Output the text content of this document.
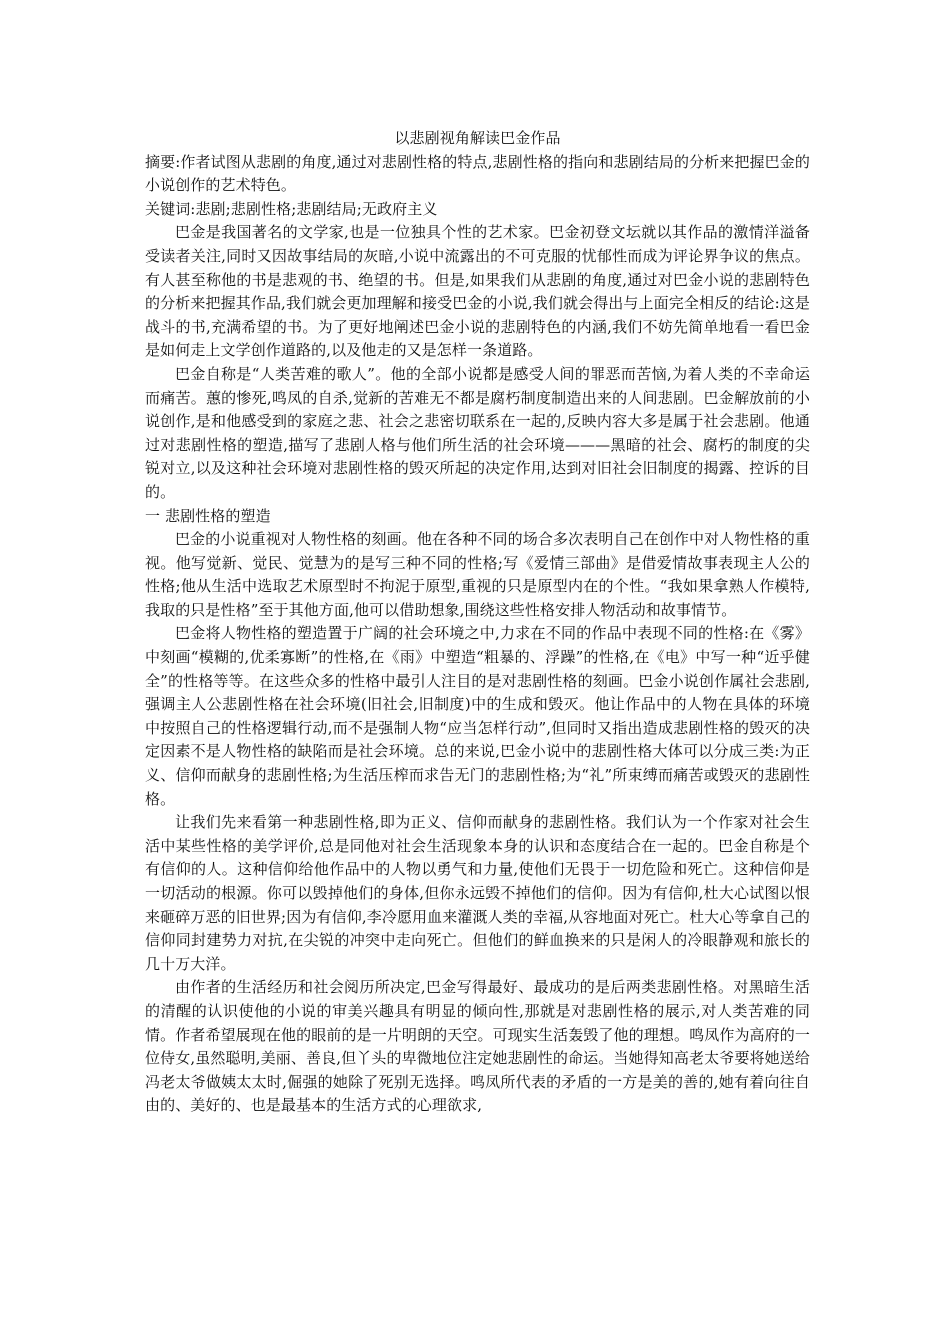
以悲剧视角解读巴金作品

摘要:作者试图从悲剧的角度,通过对悲剧性格的特点,悲剧性格的指向和悲剧结局的分析来把握巴金的小说创作的艺术特色。

关键词:悲剧;悲剧性格;悲剧结局;无政府主义

巴金是我国著名的文学家,也是一位独具个性的艺术家。巴金初登文坛就以其作品的激情洋溢备受读者关注,同时又因故事结局的灰暗,小说中流露出的不可克服的忧郁性而成为评论界争议的焦点。有人甚至称他的书是悲观的书、绝望的书。但是,如果我们从悲剧的角度,通过对巴金小说的悲剧特色的分析来把握其作品,我们就会更加理解和接受巴金的小说,我们就会得出与上面完全相反的结论:这是战斗的书,充满希望的书。为了更好地阐述巴金小说的悲剧特色的内涵,我们不妨先简单地看一看巴金是如何走上文学创作道路的,以及他走的又是怎样一条道路。

巴金自称是“人类苦难的歌人”。他的全部小说都是感受人间的罪恶而苦恼,为着人类的不幸命运而痛苦。蕙的惨死,鸣凤的自杀,觉新的苦难无不都是腐朽制度制造出来的人间悲剧。巴金解放前的小说创作,是和他感受到的家庭之悲、社会之悲密切联系在一起的,反映内容大多是属于社会悲剧。他通过对悲剧性格的塑造,描写了悲剧人格与他们所生活的社会环境———黑暗的社会、腐朽的制度的尖锐对立,以及这种社会环境对悲剧性格的毁灭所起的决定作用,达到对旧社会旧制度的揭露、控诉的目的。

一 悲剧性格的塑造

巴金的小说重视对人物性格的刻画。他在各种不同的场合多次表明自己在创作中对人物性格的重视。他写觉新、觉民、觉慧为的是写三种不同的性格;写《爱情三部曲》是借爱情故事表现主人公的性格;他从生活中选取艺术原型时不拘泥于原型,重视的只是原型内在的个性。“我如果拿熟人作模特,我取的只是性格”至于其他方面,他可以借助想象,围绕这些性格安排人物活动和故事情节。

巴金将人物性格的塑造置于广阔的社会环境之中,力求在不同的作品中表现不同的性格:在《雾》中刻画“模糊的,优柔寡断”的性格,在《雨》中塑造“粗暴的、浮躁”的性格,在《电》中写一种“近乎健全”的性格等等。在这些众多的性格中最引人注目的是对悲剧性格的刻画。巴金小说创作属社会悲剧,强调主人公悲剧性格在社会环境(旧社会,旧制度)中的生成和毁灭。他让作品中的人物在具体的环境中按照自己的性格逻辑行动,而不是强制人物“应当怎样行动”,但同时又指出造成悲剧性格的毁灭的决定因素不是人物性格的缺陷而是社会环境。总的来说,巴金小说中的悲剧性格大体可以分成三类:为正义、信仰而献身的悲剧性格;为生活压榨而求告无门的悲剧性格;为“礼”所束缚而痛苦或毁灭的悲剧性格。

让我们先来看第一种悲剧性格,即为正义、信仰而献身的悲剧性格。我们认为一个作家对社会生活中某些性格的美学评价,总是同他对社会生活现象本身的认识和态度结合在一起的。巴金自称是个有信仰的人。这种信仰给他作品中的人物以勇气和力量,使他们无畏于一切危险和死亡。这种信仰是一切活动的根源。你可以毁掉他们的身体,但你永远毁不掉他们的信仰。因为有信仰,杜大心试图以恨来砸碎万恶的旧世界;因为有信仰,李冷愿用血来灌溉人类的幸福,从容地面对死亡。杜大心等拿自己的信仰同封建势力对抗,在尖锐的冲突中走向死亡。但他们的鲜血换来的只是闲人的冷眼静观和旅长的几十万大洋。

由作者的生活经历和社会阅历所决定,巴金写得最好、最成功的是后两类悲剧性格。对黑暗生活的清醒的认识使他的小说的审美兴趣具有明显的倾向性,那就是对悲剧性格的展示,对人类苦难的同情。作者希望展现在他的眼前的是一片明朗的天空。可现实生活轰毁了他的理想。鸣凤作为高府的一位侍女,虽然聪明,美丽、善良,但丫头的卑微地位注定她悲剧性的命运。当她得知高老太爷要将她送给冯老太爷做姨太太时,倔强的她除了死别无选择。鸣凤所代表的矛盾的一方是美的善的,她有着向往自由的、美好的、也是最基本的生活方式的心理欲求,
